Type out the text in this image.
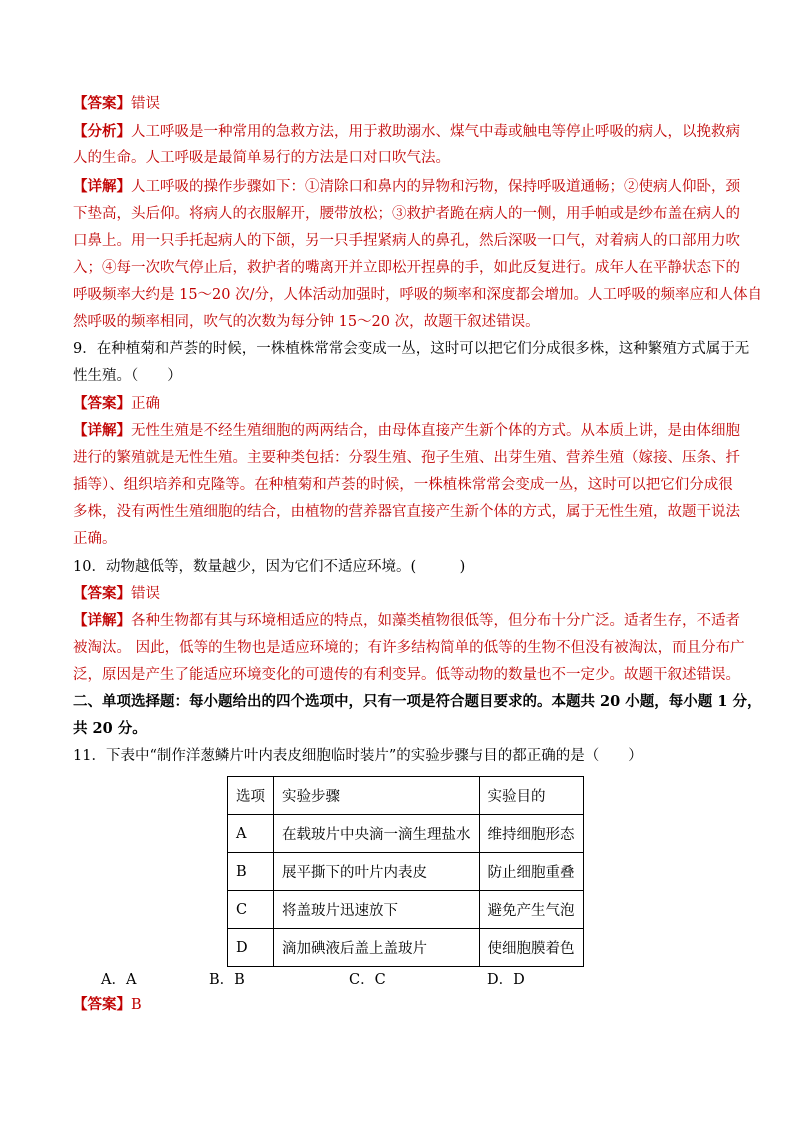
【答案】错误
【分析】人工呼吸是一种常用的急救方法，用于救助溺水、煤气中毒或触电等停止呼吸的病人，以挽救病
人的生命。人工呼吸是最简单易行的方法是口对口吹气法。
【详解】人工呼吸的操作步骤如下：①清除口和鼻内的异物和污物，保持呼吸道通畅；②使病人仰卧，颈
下垫高，头后仰。将病人的衣服解开，腰带放松；③救护者跪在病人的一侧，用手帕或是纱布盖在病人的
口鼻上。用一只手托起病人的下颌，另一只手捏紧病人的鼻孔，然后深吸一口气，对着病人的口部用力吹
入；④每一次吹气停止后，救护者的嘴离开并立即松开捏鼻的手，如此反复进行。成年人在平静状态下的
呼吸频率大约是 15～20 次/分，人体活动加强时，呼吸的频率和深度都会增加。人工呼吸的频率应和人体自
然呼吸的频率相同，吹气的次数为每分钟 15～20 次，故题干叙述错误。
9．在种植菊和芦荟的时候，一株植株常常会变成一丛，这时可以把它们分成很多株，这种繁殖方式属于无
性生殖。（　　）
【答案】正确
【详解】无性生殖是不经生殖细胞的两两结合，由母体直接产生新个体的方式。从本质上讲，是由体细胞
进行的繁殖就是无性生殖。主要种类包括：分裂生殖、孢子生殖、出芽生殖、营养生殖（嫁接、压条、扦
插等）、组织培养和克隆等。在种植菊和芦荟的时候，一株植株常常会变成一丛，这时可以把它们分成很
多株，没有两性生殖细胞的结合，由植物的营养器官直接产生新个体的方式，属于无性生殖，故题干说法
正确。
10．动物越低等，数量越少，因为它们不适应环境。(　　　)
【答案】错误
【详解】各种生物都有其与环境相适应的特点，如藻类植物很低等，但分布十分广泛。适者生存，不适者
被淘汰。 因此，低等的生物也是适应环境的；有许多结构简单的低等的生物不但没有被淘汰，而且分布广
泛，原因是产生了能适应环境变化的可遗传的有利变异。低等动物的数量也不一定少。故题干叙述错误。
二、单项选择题：每小题给出的四个选项中，只有一项是符合题目要求的。本题共 20 小题，每小题 1 分，
共 20 分。
11．下表中“制作洋葱鳞片叶内表皮细胞临时装片”的实验步骤与目的都正确的是（　　）
选项	实验步骤	实验目的
A	在载玻片中央滴一滴生理盐水	维持细胞形态
B	展平撕下的叶片内表皮	防止细胞重叠
C	将盖玻片迅速放下	避免产生气泡
D	滴加碘液后盖上盖玻片	使细胞膜着色
A．A	B．B	C．C	D．D
【答案】B
